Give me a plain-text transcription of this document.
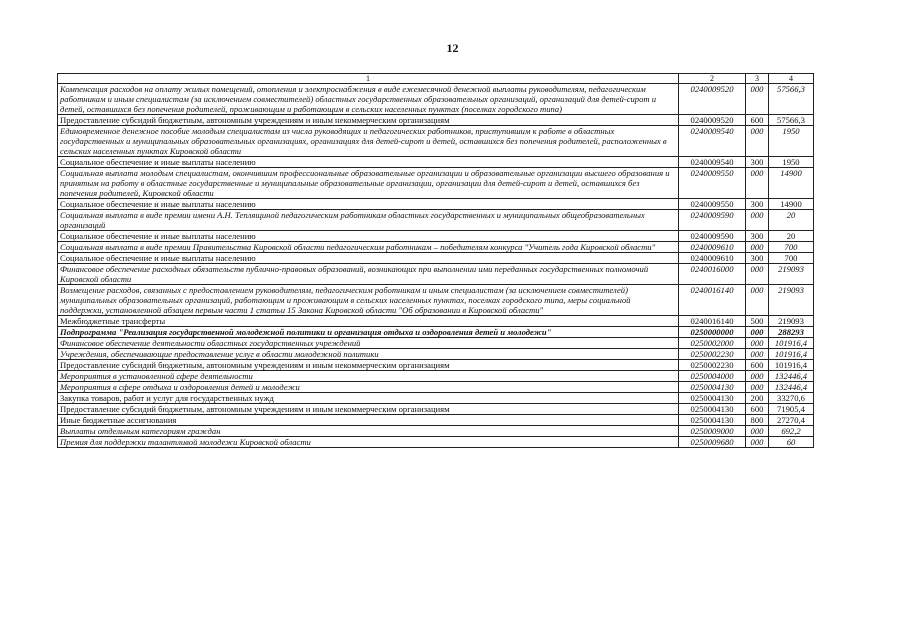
12
1	2	3	4
Компенсация расходов на оплату жилых помещений, отопления и электроснабжения в виде ежемесячной денежной выплаты руководителям, педагогическим работникам и иным специалистам (за исключением совместителей) областных государственных образовательных организаций, организаций для детей-сирот и детей, оставшихся без попечения родителей, проживающим и работающим в сельских населенных пунктах (поселках городского типа)	0240009520	000	57566,3
Предоставление субсидий бюджетным, автономным учреждениям и иным некоммерческим организациям	0240009520	600	57566,3
Единовременное денежное пособие молодым специалистам из числа руководящих и педагогических работников, приступившим к работе в областных государственных и муниципальных образовательных организациях, организациях для детей-сирот и детей, оставшихся без попечения родителей, расположенных в сельских населенных пунктах Кировской области	0240009540	000	1950
Социальное обеспечение и иные выплаты населению	0240009540	300	1950
Социальная выплата молодым специалистам, окончившим профессиональные образовательные организации и образовательные организации высшего образования и принятым на работу в областные государственные и муниципальные образовательные организации, организации для детей-сирот и детей, оставшихся без попечения родителей, Кировской области	0240009550	000	14900
Социальное обеспечение и иные выплаты населению	0240009550	300	14900
Социальная выплата в виде премии имени А.Н. Теплящиной педагогическим работникам областных государственных и муниципальных общеобразовательных организаций	0240009590	000	20
Социальное обеспечение и иные выплаты населению	0240009590	300	20
Социальная выплата в виде премии Правительства Кировской области педагогическим работникам – победителям конкурса "Учитель года Кировской области"	0240009610	000	700
Социальное обеспечение и иные выплаты населению	0240009610	300	700
Финансовое обеспечение расходных обязательств публично-правовых образований, возникающих при выполнении ими переданных государственных полномочий Кировской области	0240016000	000	219093
Возмещение расходов, связанных с предоставлением руководителям, педагогическим работникам и иным специалистам (за исключением совместителей) муниципальных образовательных организаций, работающим и проживающим в сельских населенных пунктах, поселках городского типа, меры социальной поддержки, установленной абзацем первым части 1 статьи 15 Закона Кировской области "Об образовании в Кировской области"	0240016140	000	219093
Межбюджетные трансферты	0240016140	500	219093
Подпрограмма "Реализация государственной молодежной политики и организация отдыха и оздоровления детей и молодежи"	0250000000	000	288293
Финансовое обеспечение деятельности областных государственных учреждений	0250002000	000	101916,4
Учреждения, обеспечивающие предоставление услуг в области молодежной политики	0250002230	000	101916,4
Предоставление субсидий бюджетным, автономным учреждениям и иным некоммерческим организациям	0250002230	600	101916,4
Мероприятия в установленной сфере деятельности	0250004000	000	132446,4
Мероприятия в сфере отдыха и оздоровления детей и молодежи	0250004130	000	132446,4
Закупка товаров, работ и услуг для государственных нужд	0250004130	200	33270,6
Предоставление субсидий бюджетным, автономным учреждениям и иным некоммерческим организациям	0250004130	600	71905,4
Иные бюджетные ассигнования	0250004130	800	27270,4
Выплаты отдельным категориям граждан	0250009000	000	692,2
Премия для поддержки талантливой молодежи Кировской области	0250009680	000	60
